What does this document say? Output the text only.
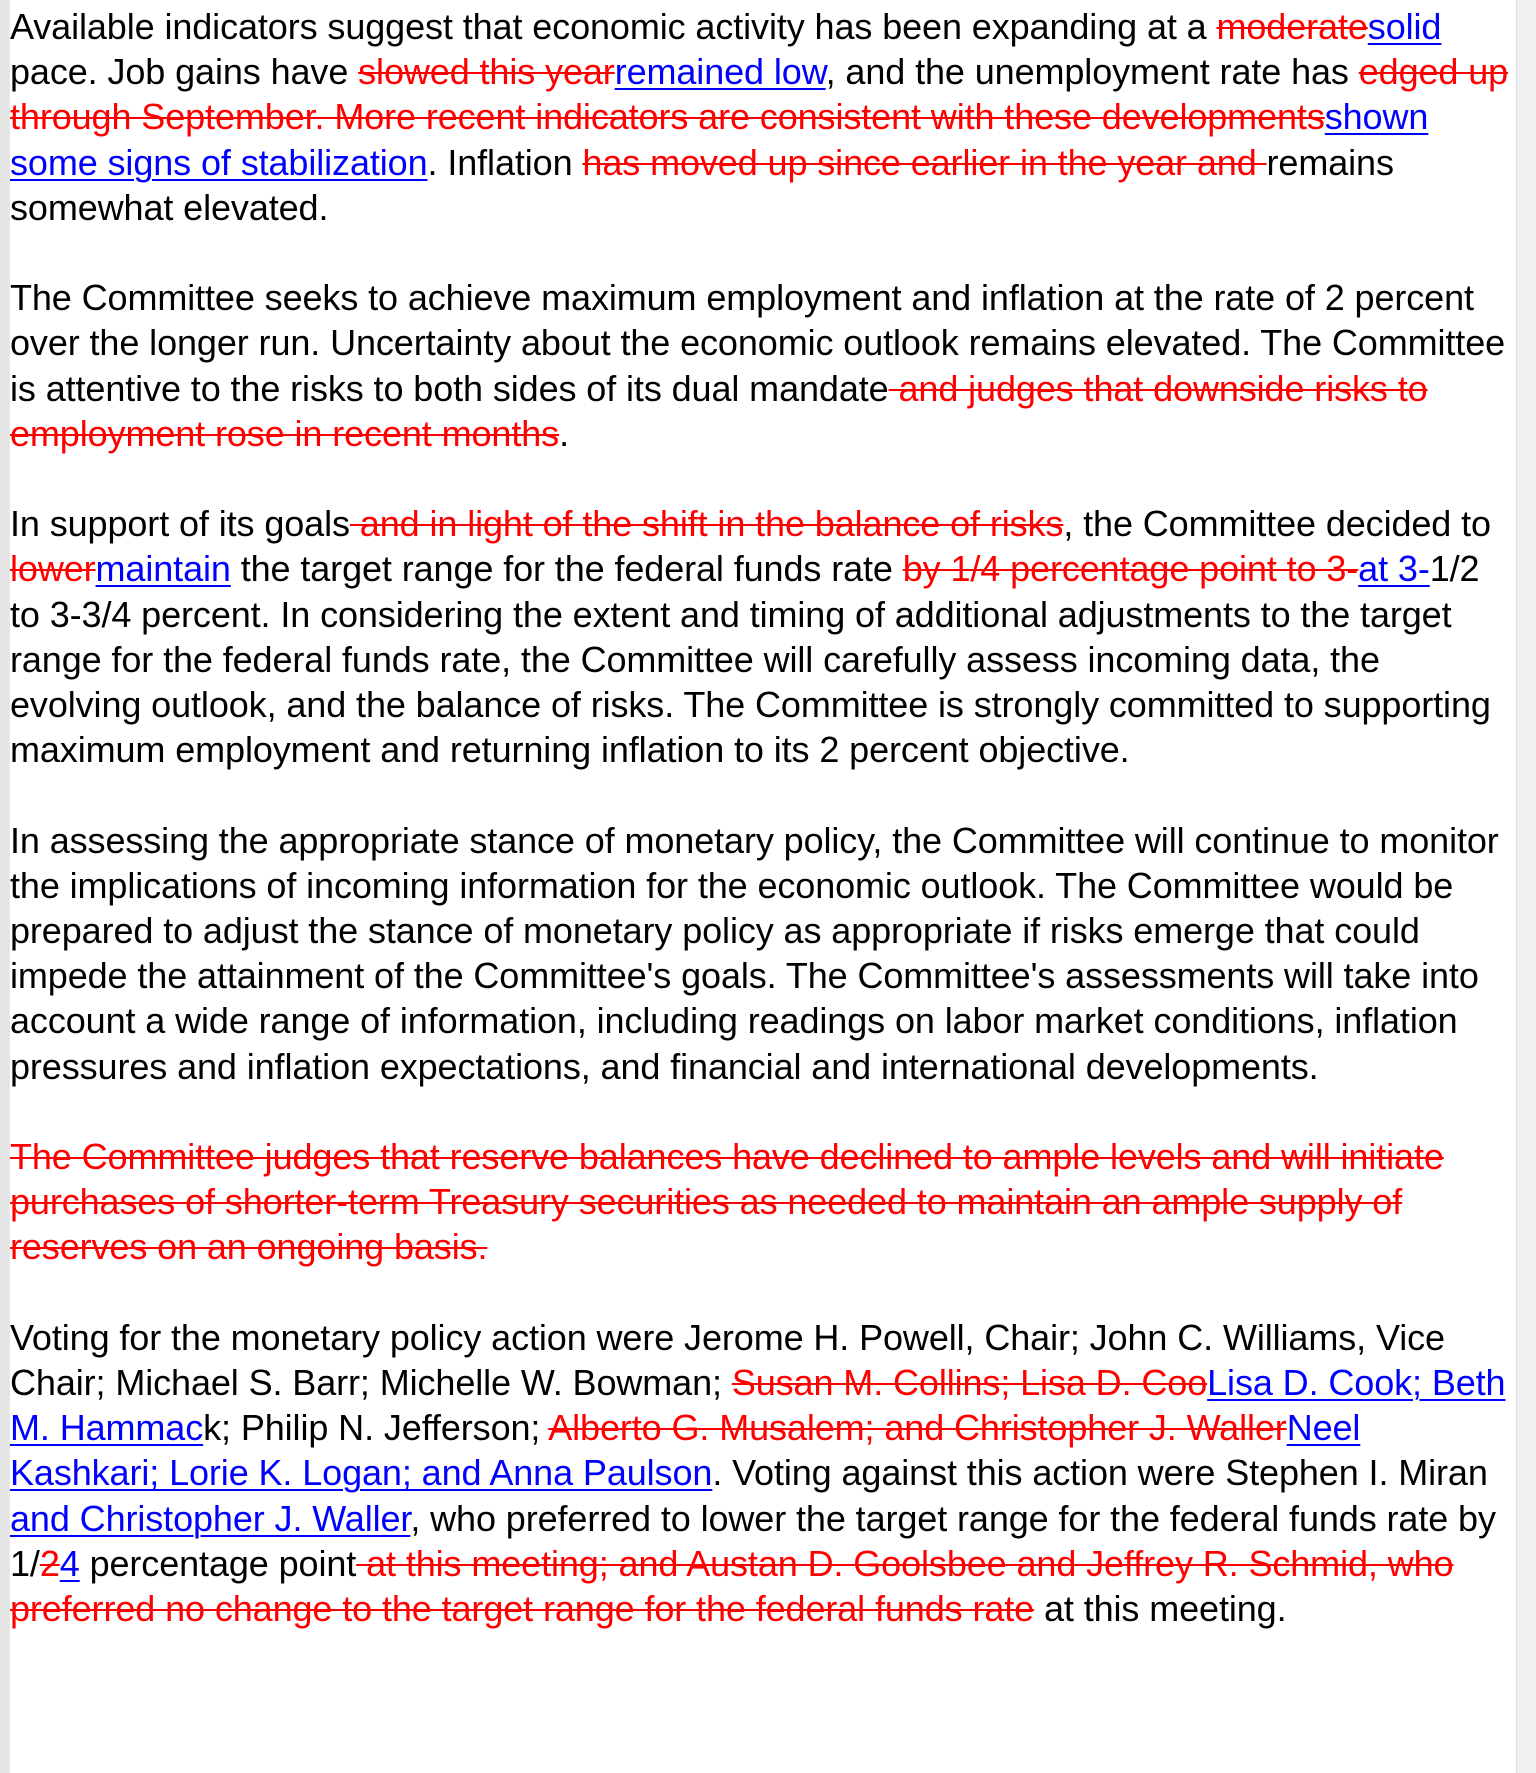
Available indicators suggest that economic activity has been expanding at a moderatesolid pace. Job gains have slowed this yearremained low, and the unemployment rate has edged up through September. More recent indicators are consistent with these developmentsshown some signs of stabilization. Inflation has moved up since earlier in the year and remains somewhat elevated.

The Committee seeks to achieve maximum employment and inflation at the rate of 2 percent over the longer run. Uncertainty about the economic outlook remains elevated. The Committee is attentive to the risks to both sides of its dual mandate and judges that downside risks to employment rose in recent months.

In support of its goals and in light of the shift in the balance of risks, the Committee decided to lowermaintain the target range for the federal funds rate by 1/4 percentage point to 3-at 3-1/2 to 3-3/4 percent. In considering the extent and timing of additional adjustments to the target range for the federal funds rate, the Committee will carefully assess incoming data, the evolving outlook, and the balance of risks. The Committee is strongly committed to supporting maximum employment and returning inflation to its 2 percent objective.

In assessing the appropriate stance of monetary policy, the Committee will continue to monitor the implications of incoming information for the economic outlook. The Committee would be prepared to adjust the stance of monetary policy as appropriate if risks emerge that could impede the attainment of the Committee's goals. The Committee's assessments will take into account a wide range of information, including readings on labor market conditions, inflation pressures and inflation expectations, and financial and international developments.

The Committee judges that reserve balances have declined to ample levels and will initiate purchases of shorter-term Treasury securities as needed to maintain an ample supply of reserves on an ongoing basis.

Voting for the monetary policy action were Jerome H. Powell, Chair; John C. Williams, Vice Chair; Michael S. Barr; Michelle W. Bowman; Susan M. Collins; Lisa D. CooLisa D. Cook; Beth M. Hammack; Philip N. Jefferson; Alberto G. Musalem; and Christopher J. WallerNeel Kashkari; Lorie K. Logan; and Anna Paulson. Voting against this action were Stephen I. Miran and Christopher J. Waller, who preferred to lower the target range for the federal funds rate by 1/24 percentage point at this meeting; and Austan D. Goolsbee and Jeffrey R. Schmid, who preferred no change to the target range for the federal funds rate at this meeting.
